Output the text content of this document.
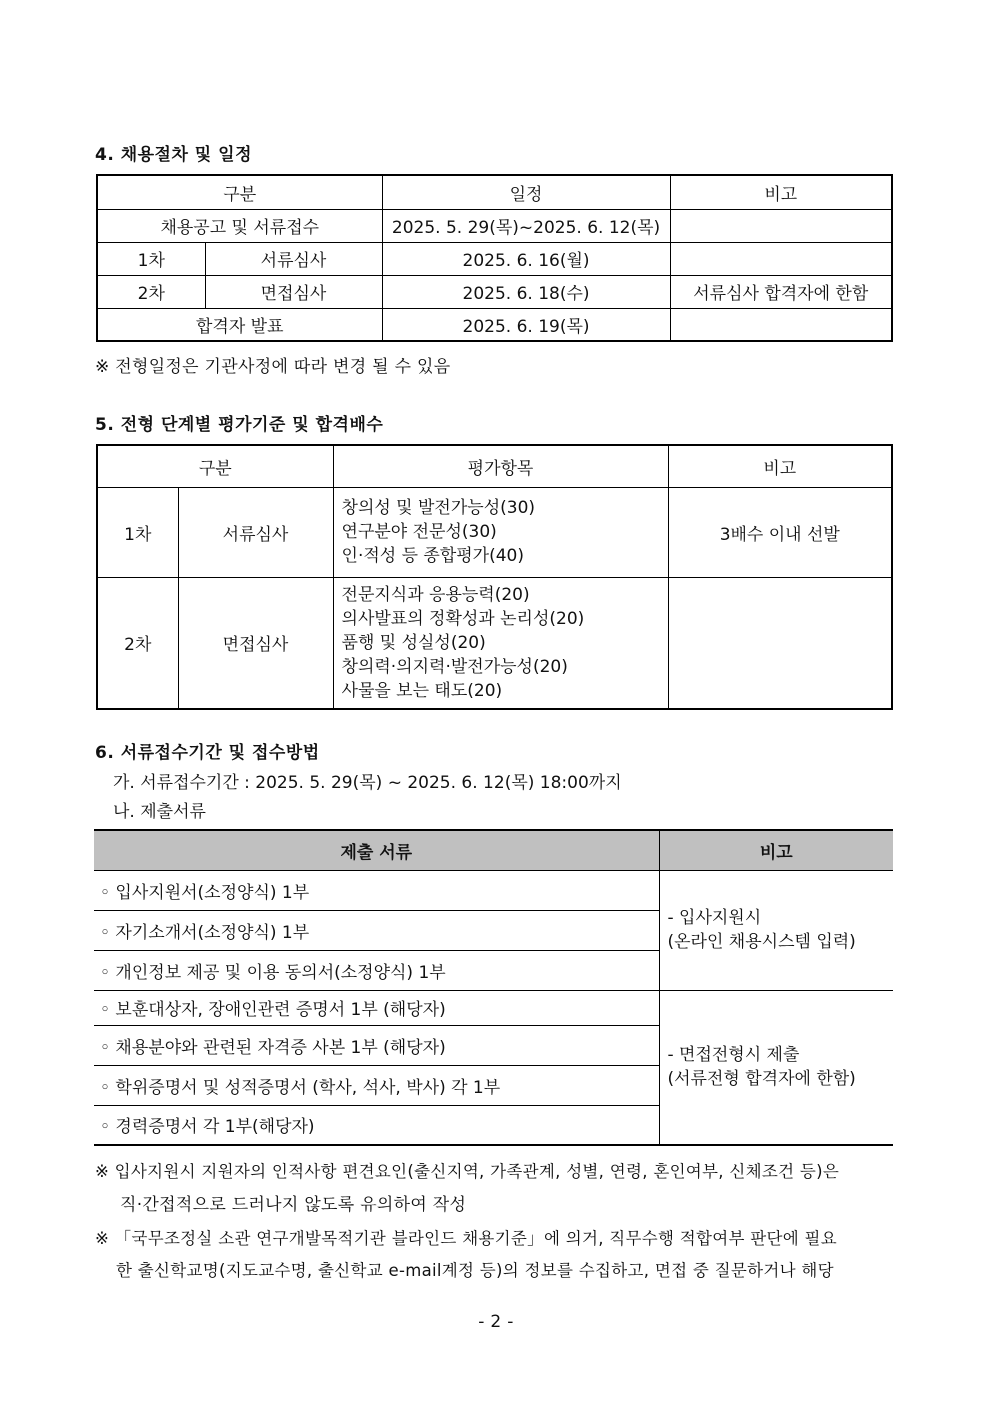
4. 채용절차 및 일정
구분		일정	비고
채용공고 및 서류접수		2025. 5. 29(목)~2025. 6. 12(목)	
1차	서류심사	2025. 6. 16(월)	
2차	면접심사	2025. 6. 18(수)	서류심사 합격자에 한함
합격자 발표		2025. 6. 19(목)	
※ 전형일정은 기관사정에 따라 변경 될 수 있음
5. 전형 단계별 평가기준 및 합격배수
구분		평가항목	비고
1차	서류심사	창의성 및 발전가능성(30)
연구분야 전문성(30)
인·적성 등 종합평가(40)	3배수 이내 선발
2차	면접심사	전문지식과 응용능력(20)
의사발표의 정확성과 논리성(20)
품행 및 성실성(20)
창의력·의지력·발전가능성(20)
사물을 보는 태도(20)	

6. 서류접수기간 및 접수방법
가. 서류접수기간 : 2025. 5. 29(목) ~ 2025. 6. 12(목) 18:00까지
나. 제출서류
제출 서류	비고
◦ 입사지원서(소정양식) 1부	- 입사지원시
(온라인 채용시스템 입력)

◦ 자기소개서(소정양식) 1부	
◦ 개인정보 제공 및 이용 동의서(소정양식) 1부	
◦ 보훈대상자, 장애인관련 증명서 1부 (해당자)	- 면접전형시 제출
(서류전형 합격자에 한함)

◦ 채용분야와 관련된 자격증 사본 1부 (해당자)	
◦ 학위증명서 및 성적증명서 (학사, 석사, 박사) 각 1부	
◦ 경력증명서 각 1부(해당자)	
※ 입사지원시 지원자의 인적사항 편견요인(출신지역, 가족관계, 성별, 연령, 혼인여부, 신체조건 등)은
직·간접적으로 드러나지 않도록 유의하여 작성
※ 「국무조정실 소관 연구개발목적기관 블라인드 채용기준」에 의거, 직무수행 적합여부 판단에 필요
한 출신학교명(지도교수명, 출신학교 e-mail계정 등)의 정보를 수집하고, 면접 중 질문하거나 해당
- 2 -
